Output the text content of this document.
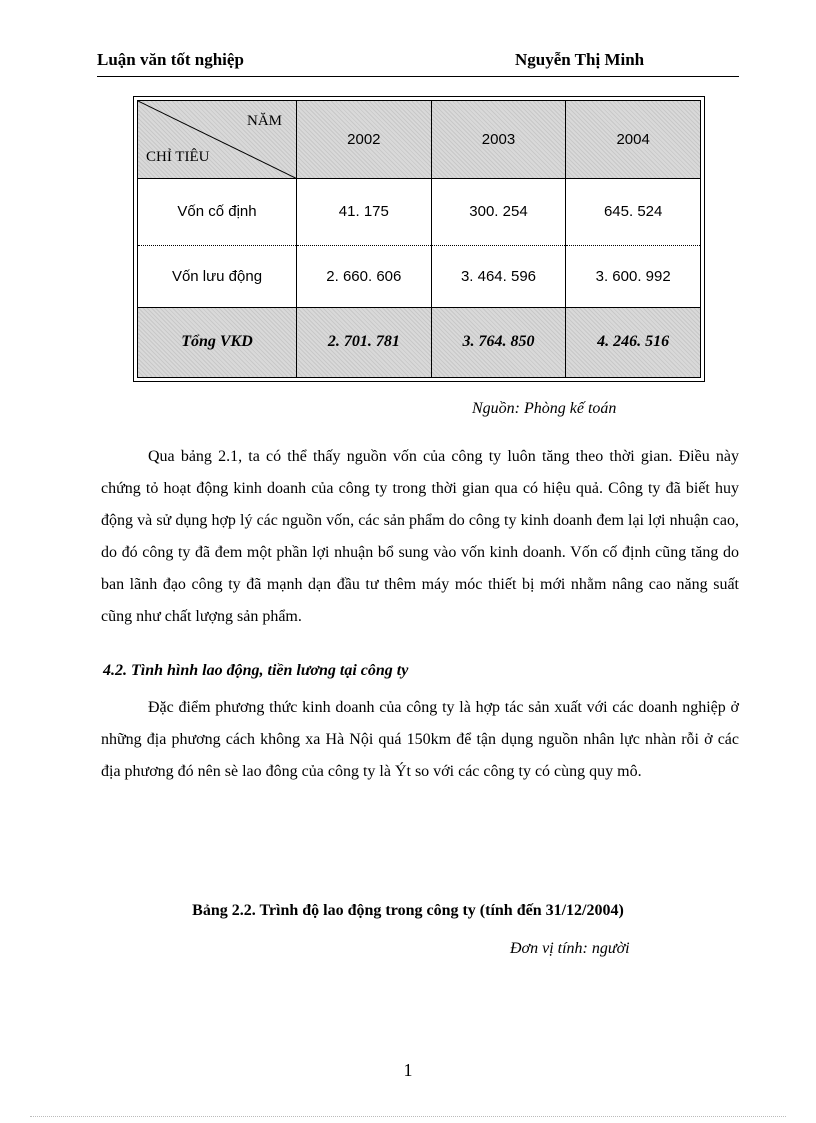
Luận văn tốt nghiệp	Nguyễn Thị Minh
NĂM
CHỈ TIÊU	2002	2003	2004
Vốn cố định	41. 175	300. 254	645. 524
Vốn lưu động	2. 660. 606	3. 464. 596	3. 600. 992
Tổng VKD	2. 701. 781	3. 764. 850	4. 246. 516
Nguồn: Phòng kế toán

Qua bảng 2.1, ta có thể thấy nguồn vốn của công ty luôn tăng theo thời gian. Điều này chứng tỏ hoạt động kinh doanh của công ty trong thời gian qua có hiệu quả. Công ty đã biết huy động và sử dụng hợp lý các nguồn vốn, các sản phẩm do công ty kinh doanh đem lại lợi nhuận cao, do đó công ty đã đem một phần lợi nhuận bổ sung vào vốn kinh doanh. Vốn cố định cũng tăng do ban lãnh đạo công ty đã mạnh dạn đầu tư thêm máy móc thiết bị mới nhằm nâng cao năng suất cũng như chất lượng sản phẩm.

4.2. Tình hình lao động, tiền lương tại công ty

Đặc điểm phương thức kinh doanh của công ty là hợp tác sản xuất với các doanh nghiệp ở những địa phương cách không xa Hà Nội quá 150km để tận dụng nguồn nhân lực nhàn rỗi ở các địa phương đó nên sè lao đông của công ty là Ýt so với các công ty có cùng quy mô.

Bảng 2.2. Trình độ lao động trong công ty (tính đến 31/12/2004)
Đơn vị tính: người
1
